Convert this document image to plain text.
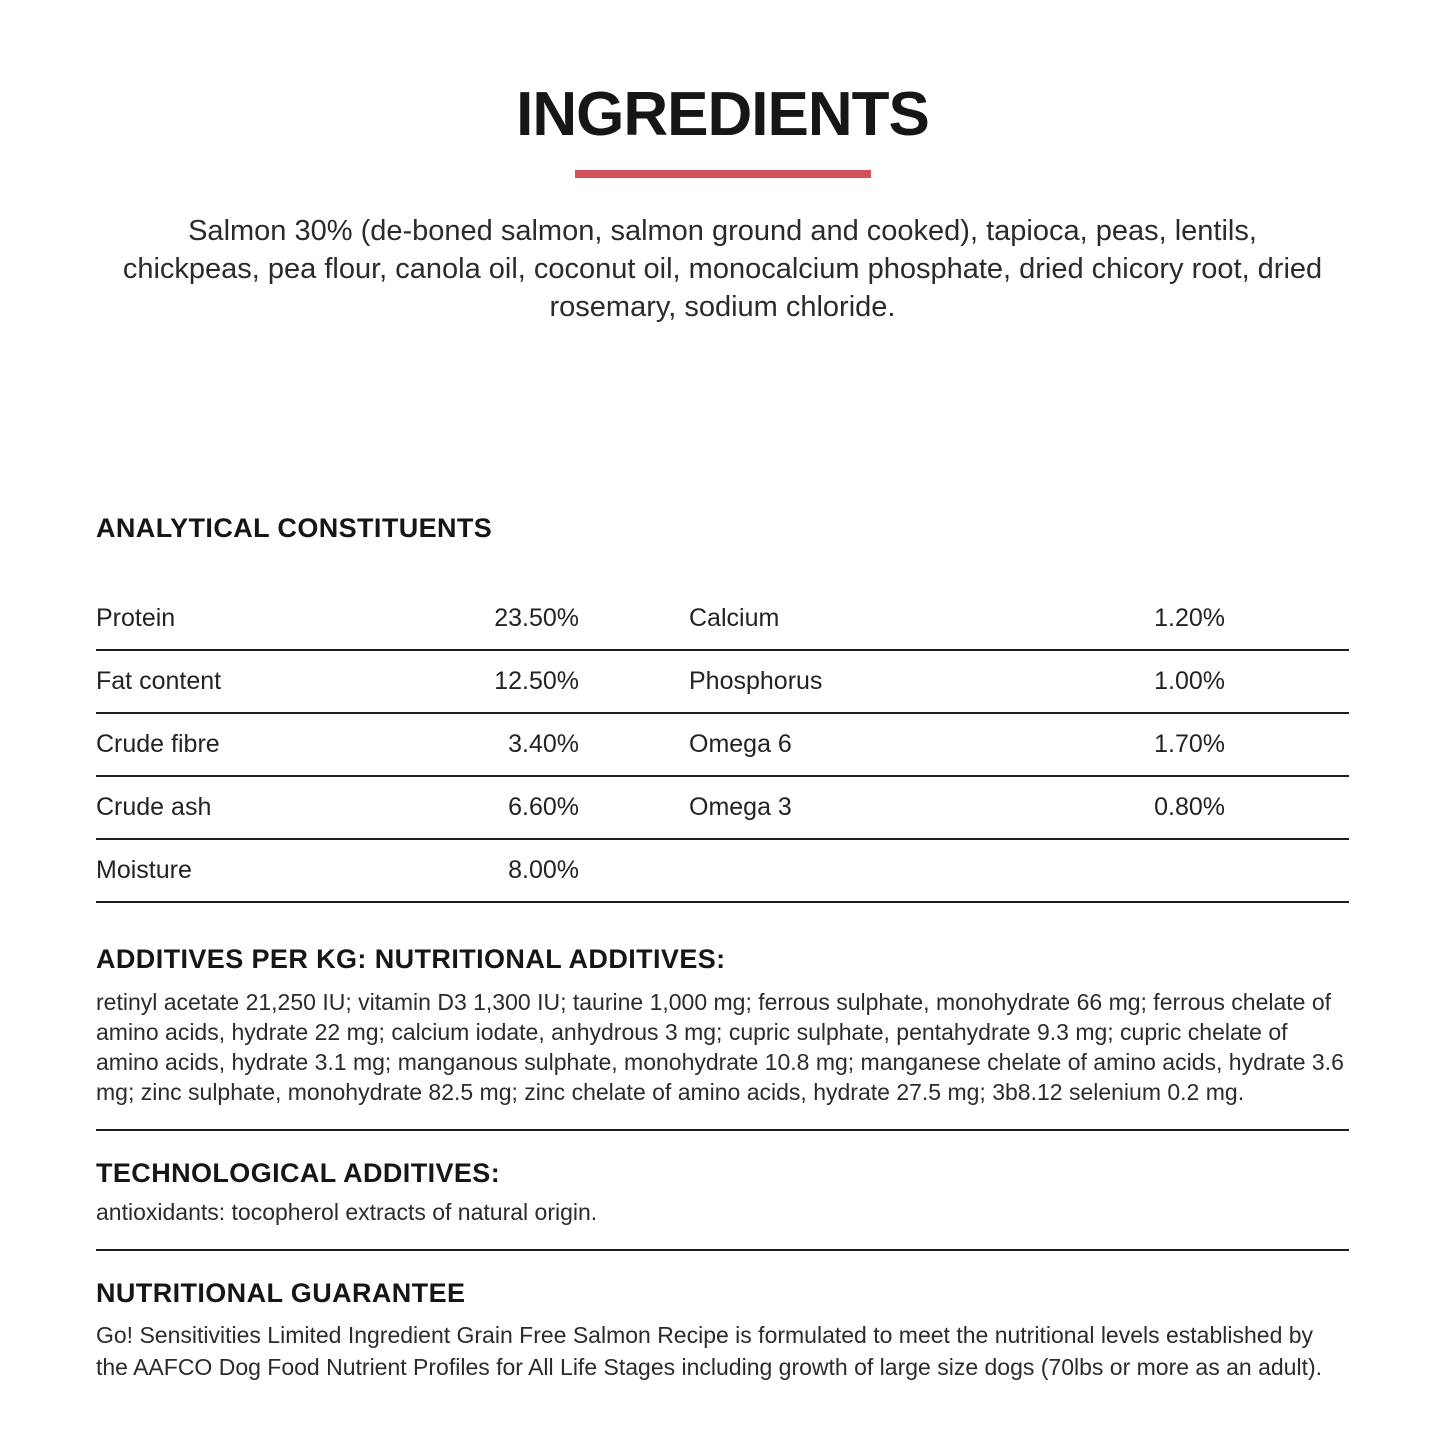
INGREDIENTS

Salmon 30% (de-boned salmon, salmon ground and cooked), tapioca, peas, lentils, chickpeas, pea flour, canola oil, coconut oil, monocalcium phosphate, dried chicory root, dried rosemary, sodium chloride.

ANALYTICAL CONSTITUENTS
Protein	23.50%	Calcium	1.20%
Fat content	12.50%	Phosphorus	1.00%
Crude fibre	3.40%	Omega 6	1.70%
Crude ash	6.60%	Omega 3	0.80%
Moisture	8.00%
ADDITIVES PER KG: NUTRITIONAL ADDITIVES:

retinyl acetate 21,250 IU; vitamin D3 1,300 IU; taurine 1,000 mg; ferrous sulphate, monohydrate 66 mg; ferrous chelate of amino acids, hydrate 22 mg; calcium iodate, anhydrous 3 mg; cupric sulphate, pentahydrate 9.3 mg; cupric chelate of amino acids, hydrate 3.1 mg; manganous sulphate, monohydrate 10.8 mg; manganese chelate of amino acids, hydrate 3.6 mg; zinc sulphate, monohydrate 82.5 mg; zinc chelate of amino acids, hydrate 27.5 mg; 3b8.12 selenium 0.2 mg.

TECHNOLOGICAL ADDITIVES:

antioxidants: tocopherol extracts of natural origin.

NUTRITIONAL GUARANTEE

Go! Sensitivities Limited Ingredient Grain Free Salmon Recipe is formulated to meet the nutritional levels established by the AAFCO Dog Food Nutrient Profiles for All Life Stages including growth of large size dogs (70lbs or more as an adult).
